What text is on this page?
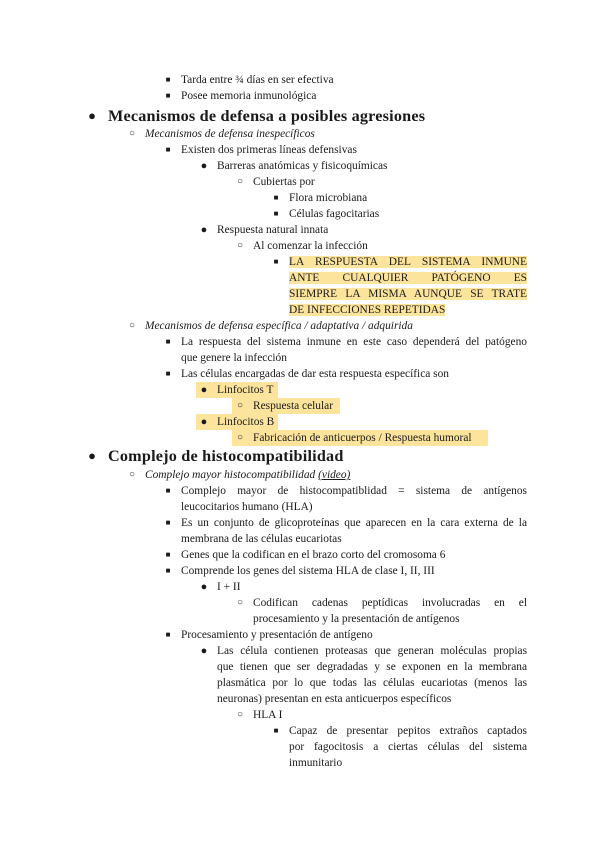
■ Tarda entre ¾ días en ser efectiva
■ Posee memoria inmunológica
● Mecanismos de defensa a posibles agresiones
○ Mecanismos de defensa inespecíficos
■ Existen dos primeras líneas defensivas
● Barreras anatómicas y fisicoquímicas
○ Cubiertas por
■ Flora microbiana
■ Células fagocitarias
● Respuesta natural innata
○ Al comenzar la infección
■ LA RESPUESTA DEL SISTEMA INMUNE
ANTE CUALQUIER PATÓGENO ES
SIEMPRE LA MISMA AUNQUE SE TRATE
DE INFECCIONES REPETIDAS
○ Mecanismos de defensa específica / adaptativa / adquirida
■ La respuesta del sistema inmune en este caso dependerá del patógeno
que genere la infección
■ Las células encargadas de dar esta respuesta específica son
● Linfocitos T
○ Respuesta celular
● Linfocitos B
○ Fabricación de anticuerpos / Respuesta humoral
● Complejo de histocompatibilidad
○ Complejo mayor histocompatibilidad (video)
■ Complejo mayor de histocompatiblidad = sistema de antígenos
leucocitarios humano (HLA)
■ Es un conjunto de glicoproteínas que aparecen en la cara externa de la
membrana de las células eucariotas
■ Genes que la codifican en el brazo corto del cromosoma 6
■ Comprende los genes del sistema HLA de clase I, II, III
● I + II
○ Codifican cadenas peptídicas involucradas en el
procesamiento y la presentación de antígenos
■ Procesamiento y presentación de antígeno
● Las célula contienen proteasas que generan moléculas propias
que tienen que ser degradadas y se exponen en la membrana
plasmática por lo que todas las células eucariotas (menos las
neuronas) presentan en esta anticuerpos específicos
○ HLA I
■ Capaz de presentar pepitos extraños captados
por fagocitosis a ciertas células del sistema
inmunitario
